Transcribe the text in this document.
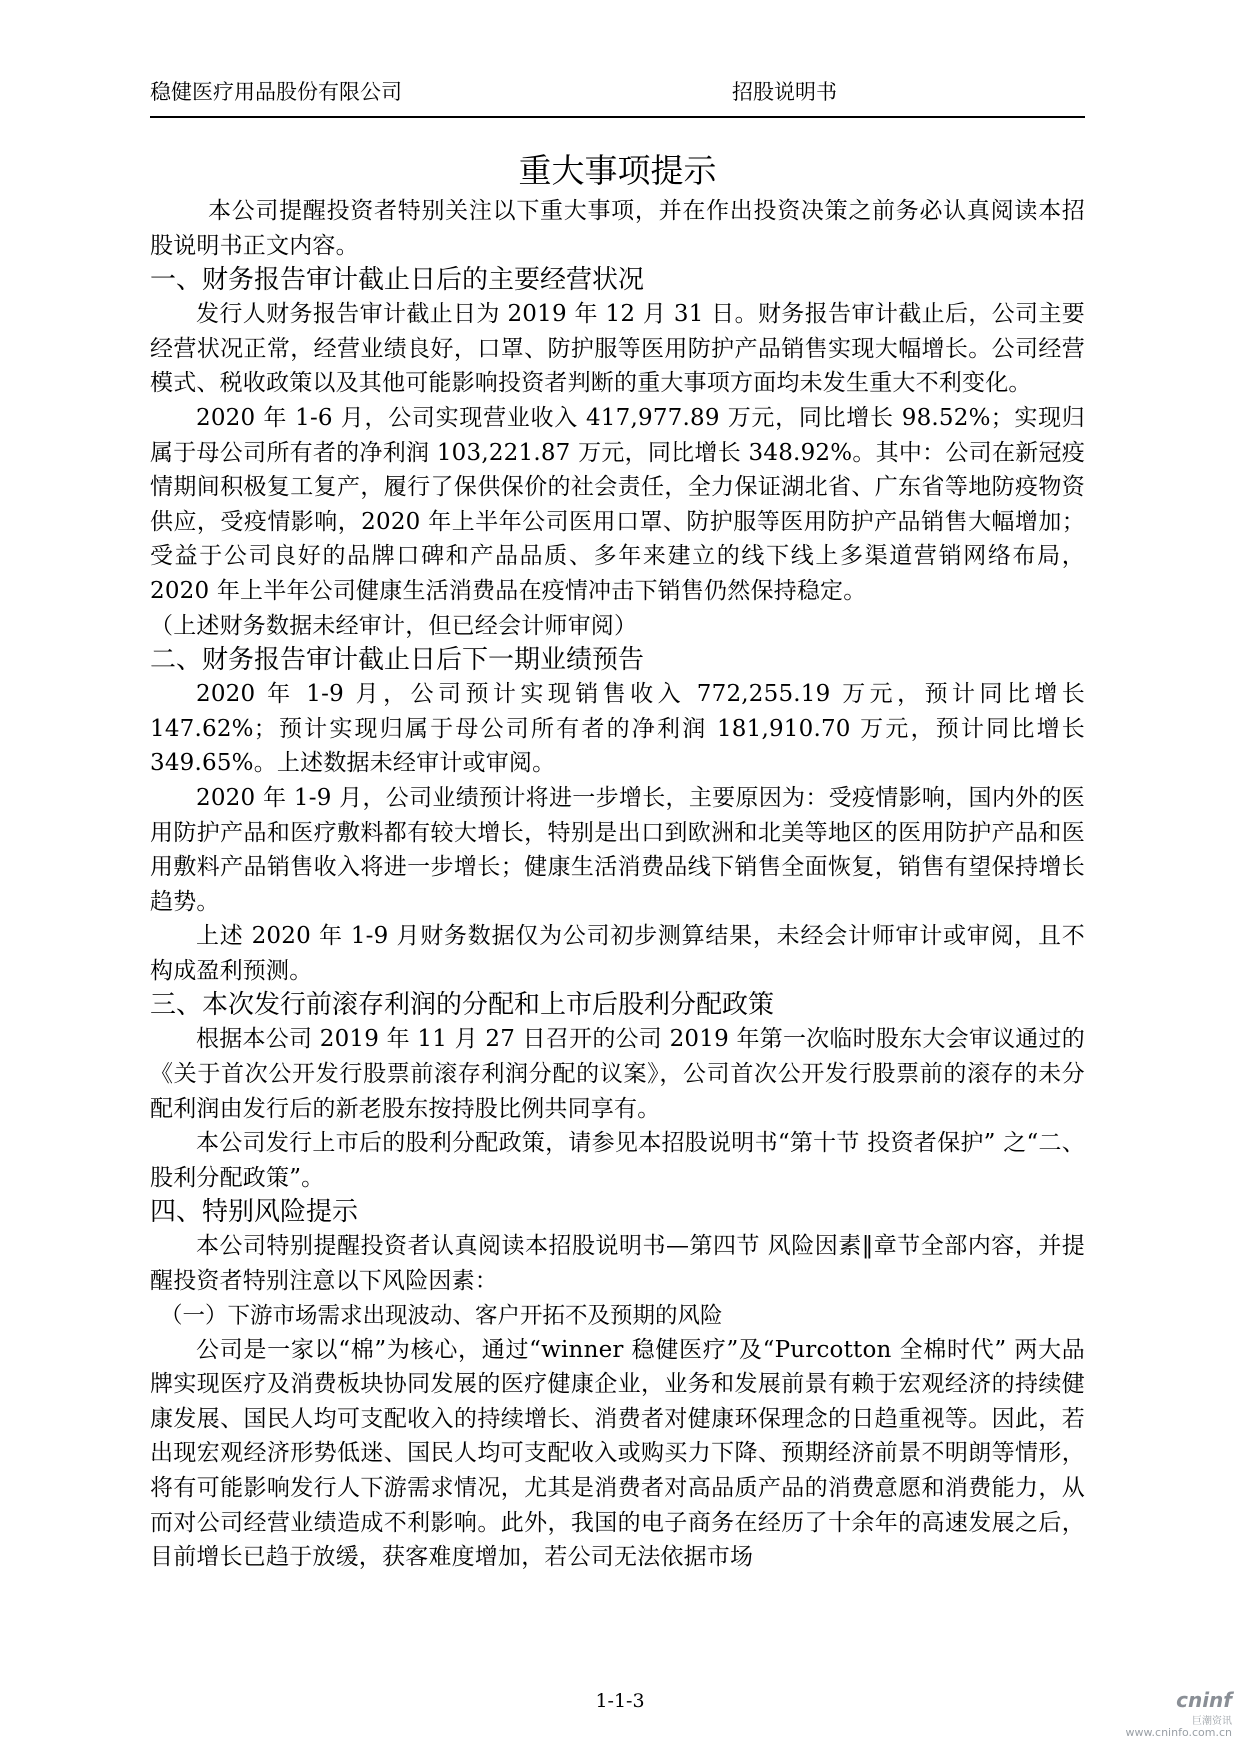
稳健医疗用品股份有限公司	招股说明书
重大事项提示

本公司提醒投资者特别关注以下重大事项，并在作出投资决策之前务必认真阅读本招股说明书正文内容。

一、财务报告审计截止日后的主要经营状况

发行人财务报告审计截止日为 2019 年 12 月 31 日。财务报告审计截止后，公司主要经营状况正常，经营业绩良好，口罩、防护服等医用防护产品销售实现大幅增长。公司经营模式、税收政策以及其他可能影响投资者判断的重大事项方面均未发生重大不利变化。

2020 年 1-6 月，公司实现营业收入 417,977.89 万元，同比增长 98.52%；实现归属于母公司所有者的净利润 103,221.87 万元，同比增长 348.92%。其中：公司在新冠疫情期间积极复工复产，履行了保供保价的社会责任，全力保证湖北省、广东省等地防疫物资供应，受疫情影响，2020 年上半年公司医用口罩、防护服等医用防护产品销售大幅增加；受益于公司良好的品牌口碑和产品品质、多年来建立的线下线上多渠道营销网络布局，2020 年上半年公司健康生活消费品在疫情冲击下销售仍然保持稳定。

（上述财务数据未经审计，但已经会计师审阅）

二、财务报告审计截止日后下一期业绩预告

2020 年 1-9 月，公司预计实现销售收入 772,255.19 万元，预计同比增长 147.62%；预计实现归属于母公司所有者的净利润 181,910.70 万元，预计同比增长 349.65%。上述数据未经审计或审阅。

2020 年 1-9 月，公司业绩预计将进一步增长，主要原因为：受疫情影响，国内外的医用防护产品和医疗敷料都有较大增长，特别是出口到欧洲和北美等地区的医用防护产品和医用敷料产品销售收入将进一步增长；健康生活消费品线下销售全面恢复，销售有望保持增长趋势。

上述 2020 年 1-9 月财务数据仅为公司初步测算结果，未经会计师审计或审阅，且不构成盈利预测。

三、本次发行前滚存利润的分配和上市后股利分配政策

根据本公司 2019 年 11 月 27 日召开的公司 2019 年第一次临时股东大会审议通过的《关于首次公开发行股票前滚存利润分配的议案》，公司首次公开发行股票前的滚存的未分配利润由发行后的新老股东按持股比例共同享有。

本公司发行上市后的股利分配政策，请参见本招股说明书“第十节 投资者保护” 之“二、股利分配政策”。

四、特别风险提示

本公司特别提醒投资者认真阅读本招股说明书—第四节 风险因素‖章节全部内容，并提醒投资者特别注意以下风险因素：

（一）下游市场需求出现波动、客户开拓不及预期的风险

公司是一家以“棉”为核心，通过“winner 稳健医疗”及“Purcotton 全棉时代” 两大品牌实现医疗及消费板块协同发展的医疗健康企业，业务和发展前景有赖于宏观经济的持续健康发展、国民人均可支配收入的持续增长、消费者对健康环保理念的日趋重视等。因此，若出现宏观经济形势低迷、国民人均可支配收入或购买力下降、预期经济前景不明朗等情形，将有可能影响发行人下游需求情况，尤其是消费者对高品质产品的消费意愿和消费能力，从而对公司经营业绩造成不利影响。此外，我国的电子商务在经历了十余年的高速发展之后，目前增长已趋于放缓，获客难度增加，若公司无法依据市场

1-1-3	cninf
巨潮资讯
www.cninfo.com.cn
